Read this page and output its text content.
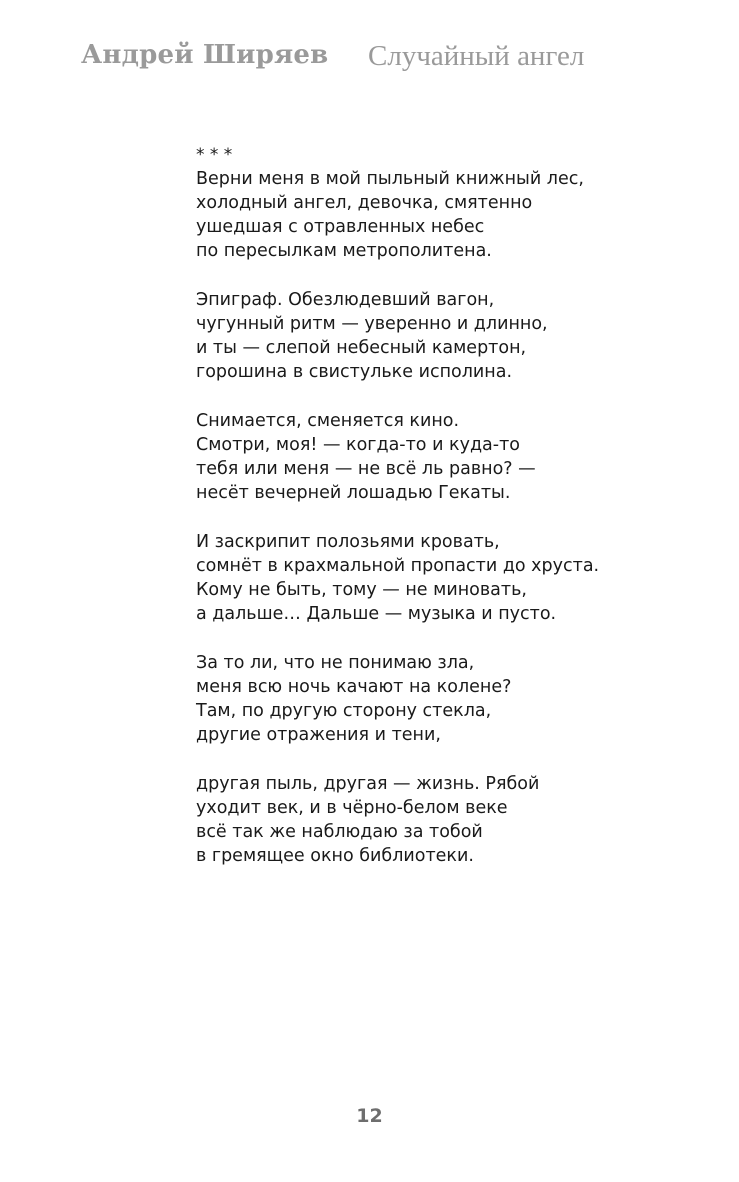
Андрей Ширяев Случайный ангел
* * *
Верни меня в мой пыльный книжный лес,
холодный ангел, девочка, смятенно
ушедшая с отравленных небес
по пересылкам метрополитена.
Эпиграф. Обезлюдевший вагон,
чугунный ритм — уверенно и длинно,
и ты — слепой небесный камертон,
горошина в свистульке исполина.
Снимается, сменяется кино.
Смотри, моя! — когда-то и куда-то
тебя или меня — не всё ль равно? —
несёт вечерней лошадью Гекаты.
И заскрипит полозьями кровать,
сомнёт в крахмальной пропасти до хруста.
Кому не быть, тому — не миновать,
а дальше… Дальше — музыка и пусто.
За то ли, что не понимаю зла,
меня всю ночь качают на колене?
Там, по другую сторону стекла,
другие отражения и тени,
другая пыль, другая — жизнь. Рябой
уходит век, и в чёрно-белом веке
всё так же наблюдаю за тобой
в гремящее окно библиотеки.
12
